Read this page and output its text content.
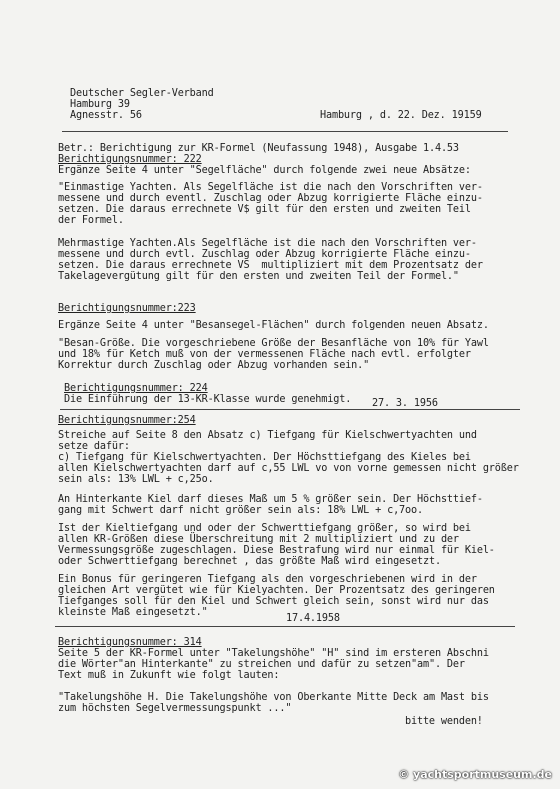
Deutscher Segler-Verband
Hamburg 39
Agnesstr. 56	Hamburg , d. 22. Dez. 19159
Betr.: Berichtigung zur KR-Formel (Neufassung 1948), Ausgabe 1.4.53
Berichtigungsnummer: 222
Ergänze Seite 4 unter "Segelfläche" durch folgende zwei neue Absätze:
"Einmastige Yachten. Als Segelfläche ist die nach den Vorschriften ver-
messene und durch eventl. Zuschlag oder Abzug korrigierte Fläche einzu-
setzen. Die daraus errechnete V$ gilt für den ersten und zweiten Teil
der Formel.
Mehrmastige Yachten.Als Segelfläche ist die nach den Vorschriften ver-
messene und durch evtl. Zuschlag oder Abzug korrigierte Fläche einzu-
setzen. Die daraus errechnete VS  multipliziert mit dem Prozentsatz der
Takelagevergütung gilt für den ersten und zweiten Teil der Formel."
Berichtigungsnummer:223
Ergänze Seite 4 unter "Besansegel-Flächen" durch folgenden neuen Absatz.
"Besan-Größe. Die vorgeschriebene Größe der Besanfläche von 10% für Yawl
und 18% für Ketch muß von der vermessenen Fläche nach evtl. erfolgter
Korrektur durch Zuschlag oder Abzug vorhanden sein."
Berichtigungsnummer: 224
Die Einführung der 13-KR-Klasse wurde genehmigt. 27. 3. 1956
Berichtigungsnummer:254
Streiche auf Seite 8 den Absatz c) Tiefgang für Kielschwertyachten und
setze dafür:
c) Tiefgang für Kielschwertyachten. Der Höchsttiefgang des Kieles bei
allen Kielschwertyachten darf auf c,55 LWL vo von vorne gemessen nicht größer
sein als: 13% LWL + c,25o.
An Hinterkante Kiel darf dieses Maß um 5 % größer sein. Der Höchsttief-
gang mit Schwert darf nicht größer sein als: 18% LWL + c,7oo.
Ist der Kieltiefgang und oder der Schwerttiefgang größer, so wird bei
allen KR-Größen diese Überschreitung mit 2 multipliziert und zu der
Vermessungsgröße zugeschlagen. Diese Bestrafung wird nur einmal für Kiel-
oder Schwerttiefgang berechnet , das größte Maß wird eingesetzt.
Ein Bonus für geringeren Tiefgang als den vorgeschriebenen wird in der
gleichen Art vergütet wie für Kielyachten. Der Prozentsatz des geringeren
Tiefganges soll für den Kiel und Schwert gleich sein, sonst wird nur das
kleinste Maß eingesetzt."
17.4.1958
Berichtigungsnummer: 314
Seite 5 der KR-Formel unter "Takelungshöhe" "H" sind im ersteren Abschni
die Wörter"an Hinterkante" zu streichen und dafür zu setzen"am". Der
Text muß in Zukunft wie folgt lauten:
"Takelungshöhe H. Die Takelungshöhe von Oberkante Mitte Deck am Mast bis
zum höchsten Segelvermessungspunkt ..."
bitte wenden!
© yachtsportmuseum.de
